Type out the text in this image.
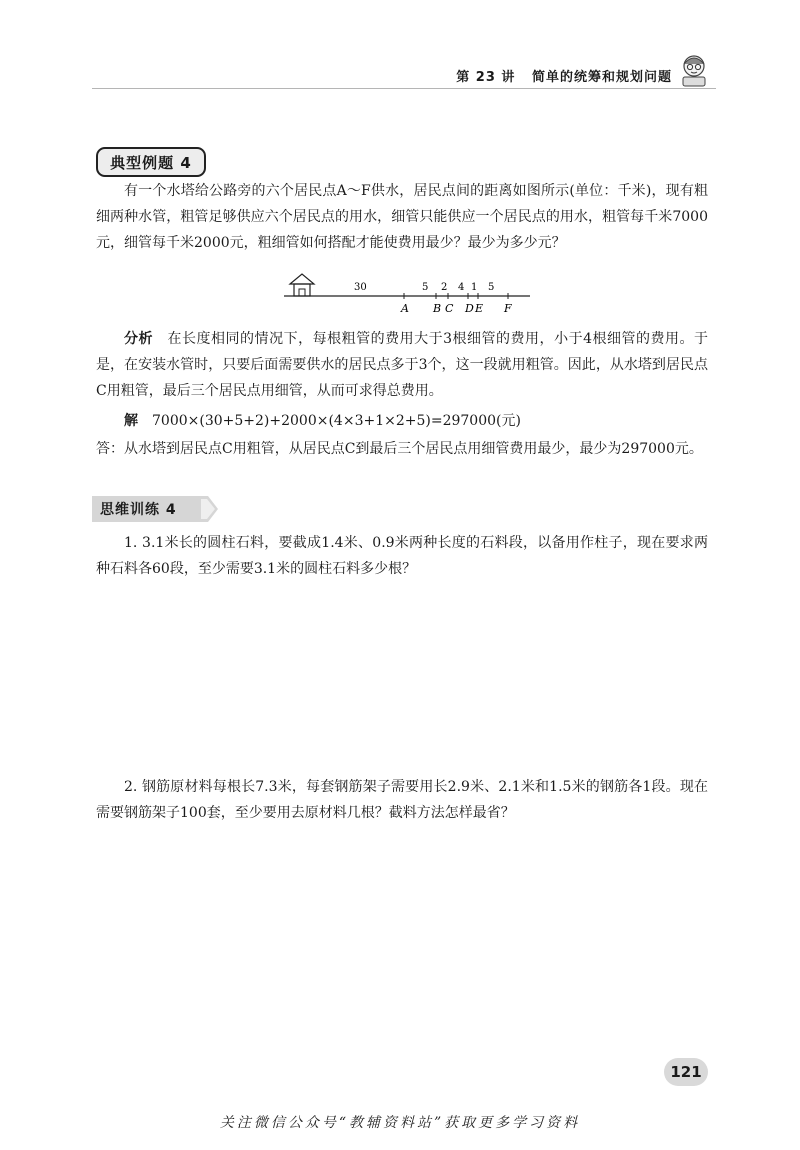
第 23 讲 简单的统筹和规划问题
典型例题 4
有一个水塔给公路旁的六个居民点A～F供水，居民点间的距离如图所示(单位：千米)，现有粗细两种水管，粗管足够供应六个居民点的用水，细管只能供应一个居民点的用水，粗管每千米7000元，细管每千米2000元，粗细管如何搭配才能使费用最少？最少为多少元？
30	5 2 4 1 5
A B C D E F
分析　 在长度相同的情况下，每根粗管的费用大于3根细管的费用，小于4根细管的费用。于是，在安装水管时，只要后面需要供水的居民点多于3个，这一段就用粗管。因此，从水塔到居民点C用粗管，最后三个居民点用细管，从而可求得总费用。
解　 7000×(30+5+2)+2000×(4×3+1×2+5)=297000(元)
答：从水塔到居民点C用粗管，从居民点C到最后三个居民点用细管费用最少，最少为297000元。
思维训练 4
1. 3.1米长的圆柱石料，要截成1.4米、0.9米两种长度的石料段，以备用作柱子，现在要求两种石料各60段，至少需要3.1米的圆柱石料多少根？
2. 钢筋原材料每根长7.3米，每套钢筋架子需要用长2.9米、2.1米和1.5米的钢筋各1段。现在需要钢筋架子100套，至少要用去原材料几根？截料方法怎样最省？
121
关注微信公众号“教辅资料站”获取更多学习资料
